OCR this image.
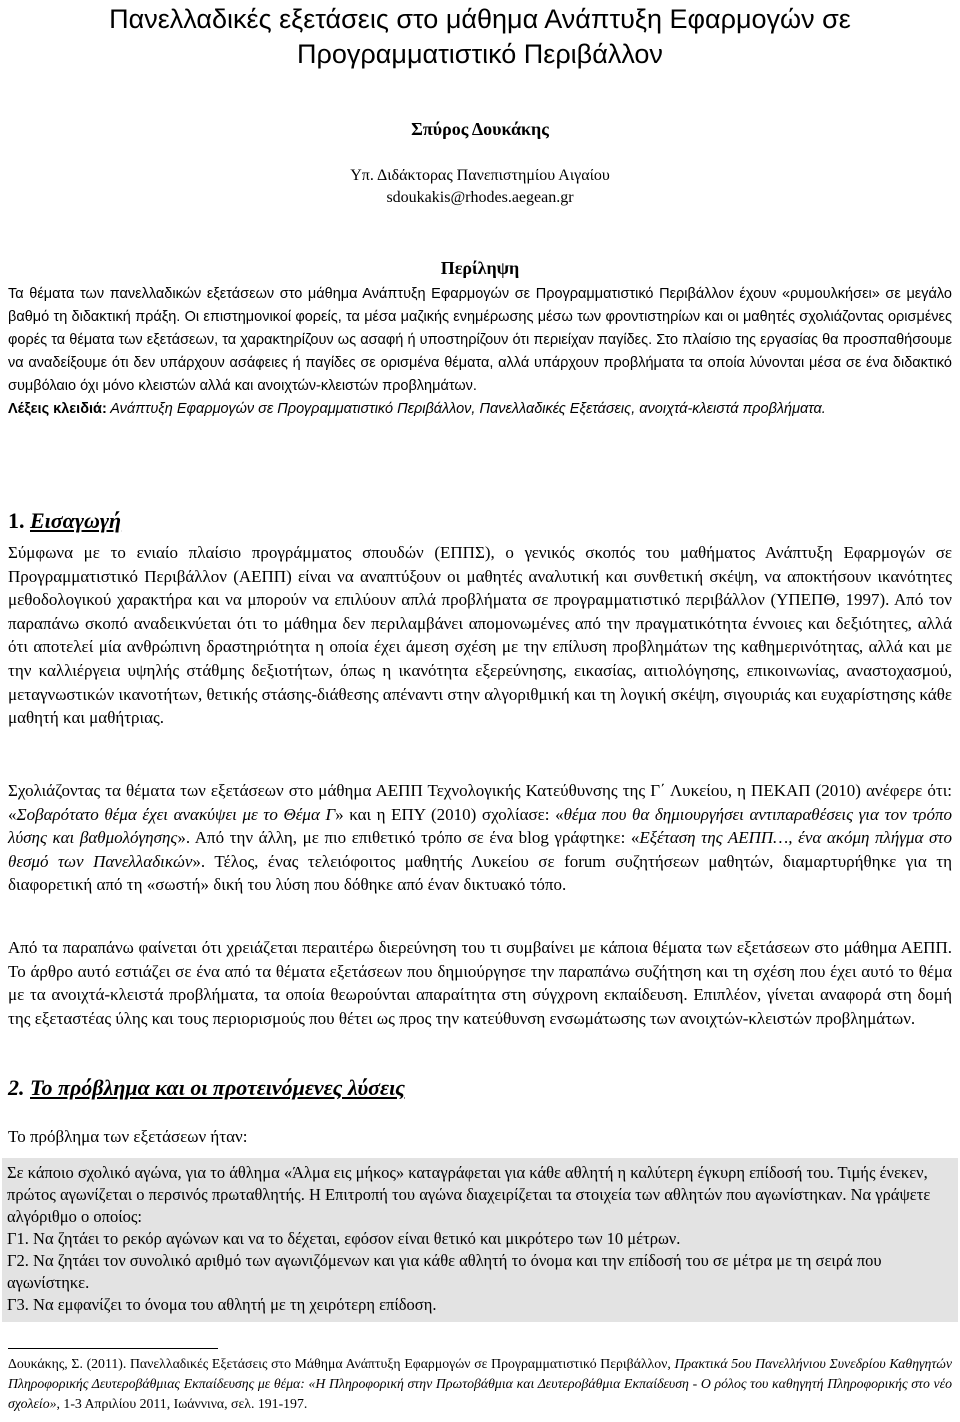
Πανελλαδικές εξετάσεις στο μάθημα Ανάπτυξη Εφαρμογών σε
Προγραμματιστικό Περιβάλλον
Σπύρος Δουκάκης
Υπ. Διδάκτορας Πανεπιστημίου Αιγαίου
sdoukakis@rhodes.aegean.gr
Περίληψη
Τα θέματα των πανελλαδικών εξετάσεων στο μάθημα Ανάπτυξη Εφαρμογών σε Προγραμματιστικό Περιβάλλον έχουν «ρυμουλκήσει» σε μεγάλο βαθμό τη διδακτική πράξη. Οι επιστημονικοί φορείς, τα μέσα μαζικής ενημέρωσης μέσω των φροντιστηρίων και οι μαθητές σχολιάζοντας ορισμένες φορές τα θέματα των εξετάσεων, τα χαρακτηρίζουν ως ασαφή ή υποστηρίζουν ότι περιείχαν παγίδες. Στο πλαίσιο της εργασίας θα προσπαθήσουμε να αναδείξουμε ότι δεν υπάρχουν ασάφειες ή παγίδες σε ορισμένα θέματα, αλλά υπάρχουν προβλήματα τα οποία λύνονται μέσα σε ένα διδακτικό συμβόλαιο όχι μόνο κλειστών αλλά και ανοιχτών-κλειστών προβλημάτων.
Λέξεις κλειδιά: Ανάπτυξη Εφαρμογών σε Προγραμματιστικό Περιβάλλον, Πανελλαδικές Εξετάσεις, ανοιχτά-κλειστά προβλήματα.
1. Εισαγωγή

Σύμφωνα με το ενιαίο πλαίσιο προγράμματος σπουδών (ΕΠΠΣ), ο γενικός σκοπός του μαθήματος Ανάπτυξη Εφαρμογών σε Προγραμματιστικό Περιβάλλον (ΑΕΠΠ) είναι να αναπτύξουν οι μαθητές αναλυτική και συνθετική σκέψη, να αποκτήσουν ικανότητες μεθοδολογικού χαρακτήρα και να μπορούν να επιλύουν απλά προβλήματα σε προγραμματιστικό περιβάλλον (ΥΠΕΠΘ, 1997). Από τον παραπάνω σκοπό αναδεικνύεται ότι το μάθημα δεν περιλαμβάνει απομονωμένες από την πραγματικότητα έννοιες και δεξιότητες, αλλά ότι αποτελεί μία ανθρώπινη δραστηριότητα η οποία έχει άμεση σχέση με την επίλυση προβλημάτων της καθημερινότητας, αλλά και με την καλλιέργεια υψηλής στάθμης δεξιοτήτων, όπως η ικανότητα εξερεύνησης, εικασίας, αιτιολόγησης, επικοινωνίας, αναστοχασμού, μεταγνωστικών ικανοτήτων, θετικής στάσης-διάθεσης απέναντι στην αλγοριθμική και τη λογική σκέψη, σιγουριάς και ευχαρίστησης κάθε μαθητή και μαθήτριας.

Σχολιάζοντας τα θέματα των εξετάσεων στο μάθημα ΑΕΠΠ Τεχνολογικής Κατεύθυνσης της Γ΄ Λυκείου, η ΠΕΚΑΠ (2010) ανέφερε ότι: «Σοβαρότατο θέμα έχει ανακύψει με το Θέμα Γ» και η ΕΠΥ (2010) σχολίασε: «θέμα που θα δημιουργήσει αντιπαραθέσεις για τον τρόπο λύσης και βαθμολόγησης». Από την άλλη, με πιο επιθετικό τρόπο σε ένα blog γράφτηκε: «Εξέταση της ΑΕΠΠ…, ένα ακόμη πλήγμα στο θεσμό των Πανελλαδικών». Τέλος, ένας τελειόφοιτος μαθητής Λυκείου σε forum συζητήσεων μαθητών, διαμαρτυρήθηκε για τη διαφορετική από τη «σωστή» δική του λύση που δόθηκε από έναν δικτυακό τόπο.

Από τα παραπάνω φαίνεται ότι χρειάζεται περαιτέρω διερεύνηση του τι συμβαίνει με κάποια θέματα των εξετάσεων στο μάθημα ΑΕΠΠ. Το άρθρο αυτό εστιάζει σε ένα από τα θέματα εξετάσεων που δημιούργησε την παραπάνω συζήτηση και τη σχέση που έχει αυτό το θέμα με τα ανοιχτά-κλειστά προβλήματα, τα οποία θεωρούνται απαραίτητα στη σύγχρονη εκπαίδευση. Επιπλέον, γίνεται αναφορά στη δομή της εξεταστέας ύλης και τους περιορισμούς που θέτει ως προς την κατεύθυνση ενσωμάτωσης των ανοιχτών-κλειστών προβλημάτων.

2. Το πρόβλημα και οι προτεινόμενες λύσεις

Το πρόβλημα των εξετάσεων ήταν:

Σε κάποιο σχολικό αγώνα, για το άθλημα «Άλμα εις μήκος» καταγράφεται για κάθε αθλητή η καλύτερη έγκυρη επίδοσή του. Τιμής ένεκεν, πρώτος αγωνίζεται ο περσινός πρωταθλητής. Η Επιτροπή του αγώνα διαχειρίζεται τα στοιχεία των αθλητών που αγωνίστηκαν. Να γράψετε αλγόριθμο ο οποίος:

Γ1. Να ζητάει το ρεκόρ αγώνων και να το δέχεται, εφόσον είναι θετικό και μικρότερο των 10 μέτρων.

Γ2. Να ζητάει τον συνολικό αριθμό των αγωνιζόμενων και για κάθε αθλητή το όνομα και την επίδοσή του σε μέτρα με τη σειρά που αγωνίστηκε.

Γ3. Να εμφανίζει το όνομα του αθλητή με τη χειρότερη επίδοση.

Δουκάκης, Σ. (2011). Πανελλαδικές Εξετάσεις στο Μάθημα Ανάπτυξη Εφαρμογών σε Προγραμματιστικό Περιβάλλον, Πρακτικά 5ου Πανελλήνιου Συνεδρίου Καθηγητών Πληροφορικής Δευτεροβάθμιας Εκπαίδευσης με θέμα: «Η Πληροφορική στην Πρωτοβάθμια και Δευτεροβάθμια Εκπαίδευση - Ο ρόλος του καθηγητή Πληροφορικής στο νέο σχολείο», 1-3 Απριλίου 2011, Ιωάννινα, σελ. 191-197.
